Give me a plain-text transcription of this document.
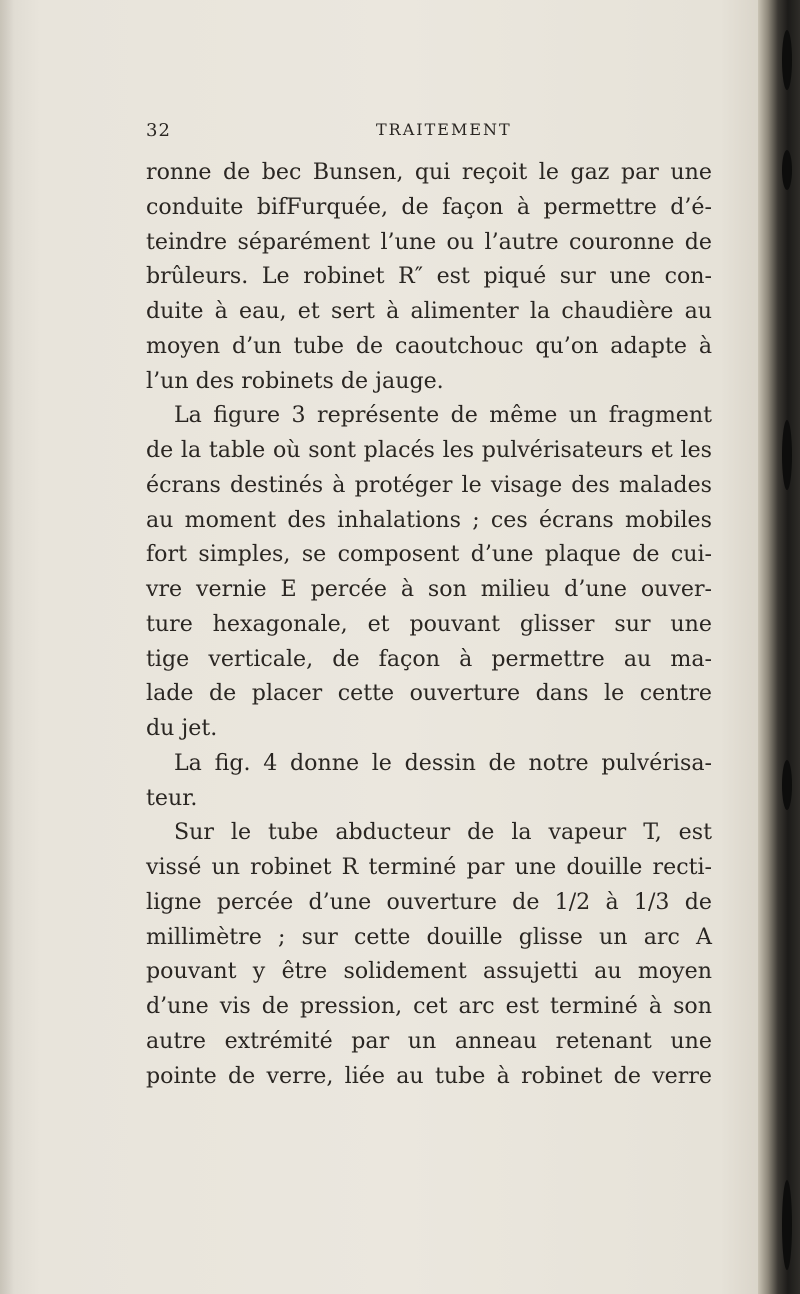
32	TRAITEMENT
ronne de bec Bunsen, qui reçoit le gaz par une
conduite bifFurquée, de façon à permettre d’é-
teindre séparément l’une ou l’autre couronne de
brûleurs. Le robinet R″ est piqué sur une con-
duite à eau, et sert à alimenter la chaudière au
moyen d’un tube de caoutchouc qu’on adapte à
l’un des robinets de jauge.
La figure 3 représente de même un fragment
de la table où sont placés les pulvérisateurs et les
écrans destinés à protéger le visage des malades
au moment des inhalations ; ces écrans mobiles
fort simples, se composent d’une plaque de cui-
vre vernie E percée à son milieu d’une ouver-
ture hexagonale, et pouvant glisser sur une
tige verticale, de façon à permettre au ma-
lade de placer cette ouverture dans le centre
du jet.
La fig. 4 donne le dessin de notre pulvérisa-
teur.
Sur le tube abducteur de la vapeur T, est
vissé un robinet R terminé par une douille recti-
ligne percée d’une ouverture de 1/2 à 1/3 de
millimètre ; sur cette douille glisse un arc A
pouvant y être solidement assujetti au moyen
d’une vis de pression, cet arc est terminé à son
autre extrémité par un anneau retenant une
pointe de verre, liée au tube à robinet de verre
